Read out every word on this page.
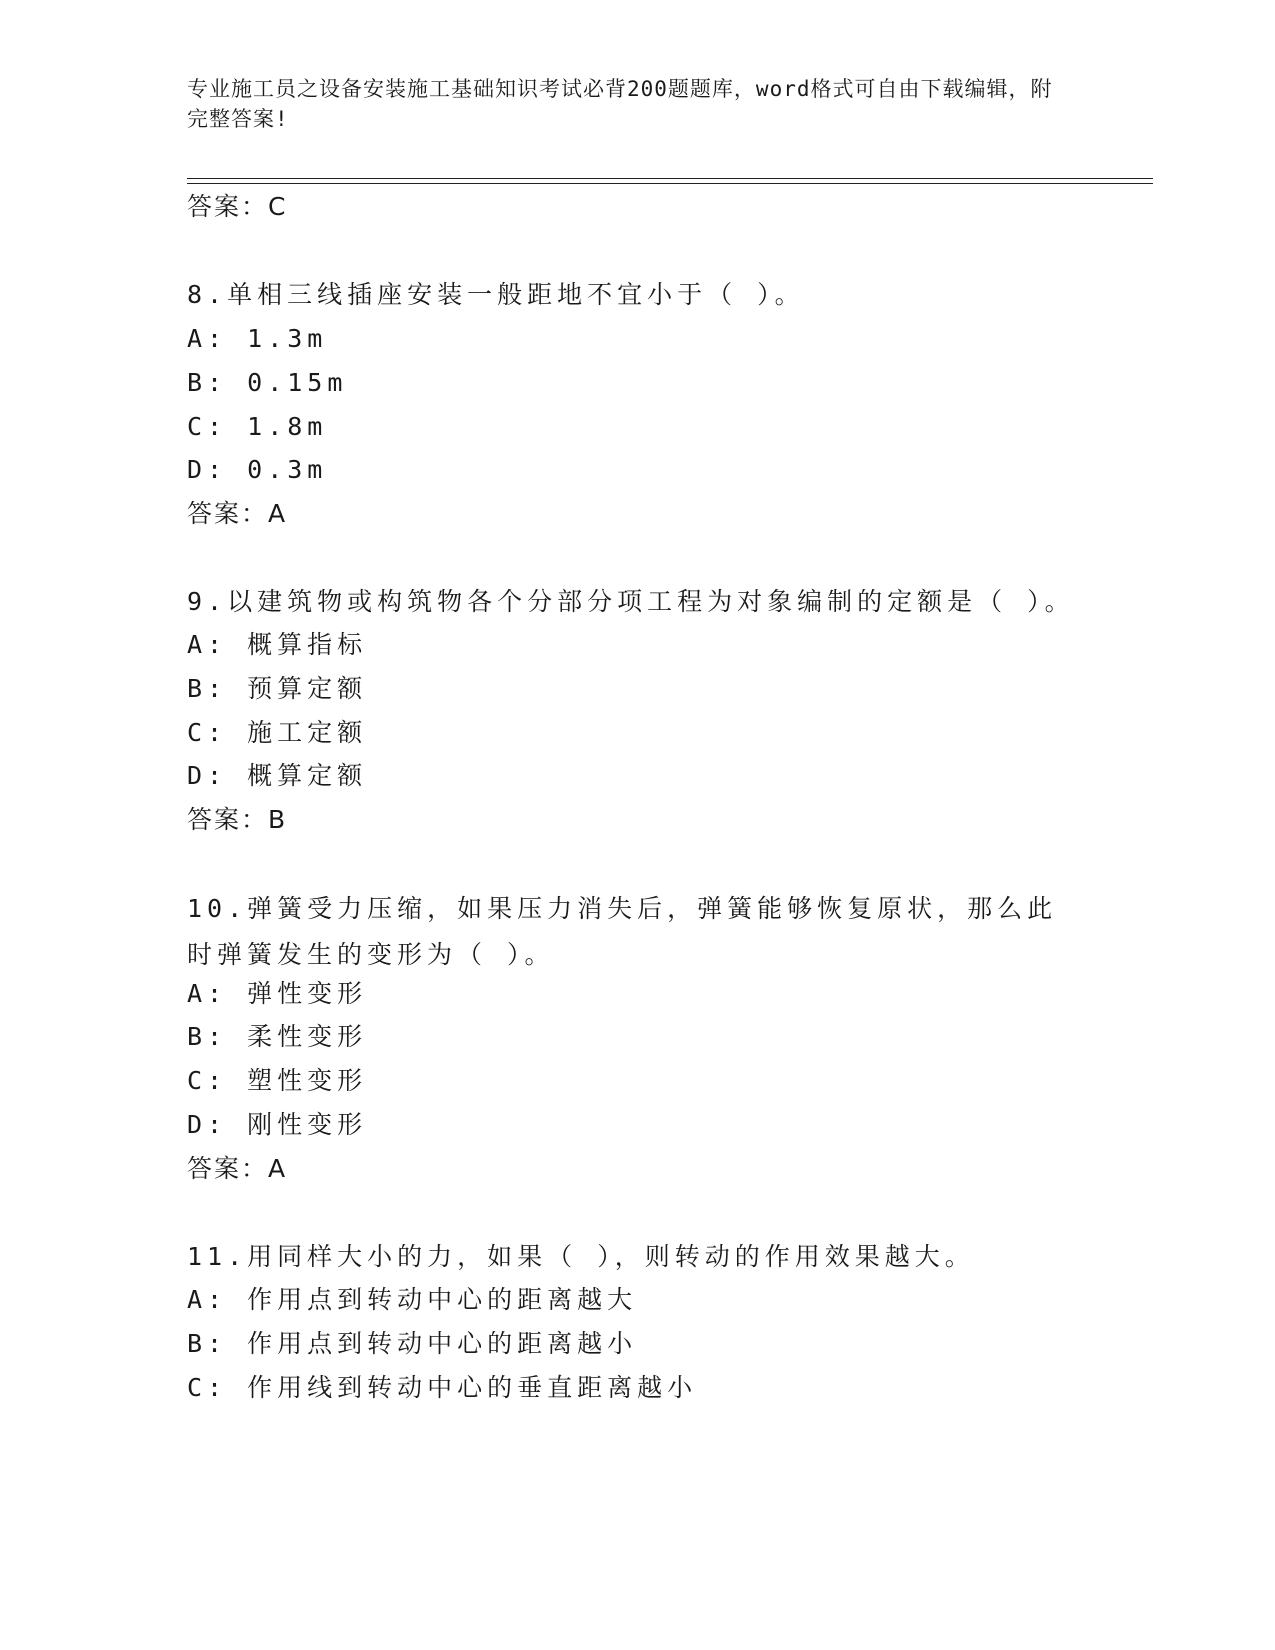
专业施工员之设备安装施工基础知识考试必背200题题库，word格式可自由下载编辑，附完整答案!
答案：C
8.单相三线插座安装一般距地不宜小于（ ）。
A: 1.3m
B: 0.15m
C: 1.8m
D: 0.3m
答案：A
9.以建筑物或构筑物各个分部分项工程为对象编制的定额是（ ）。
A: 概算指标
B: 预算定额
C: 施工定额
D: 概算定额
答案：B
10.弹簧受力压缩，如果压力消失后，弹簧能够恢复原状，那么此时弹簧发生的变形为（ ）。
A: 弹性变形
B: 柔性变形
C: 塑性变形
D: 刚性变形
答案：A
11.用同样大小的力，如果（ ），则转动的作用效果越大。
A: 作用点到转动中心的距离越大
B: 作用点到转动中心的距离越小
C: 作用线到转动中心的垂直距离越小
